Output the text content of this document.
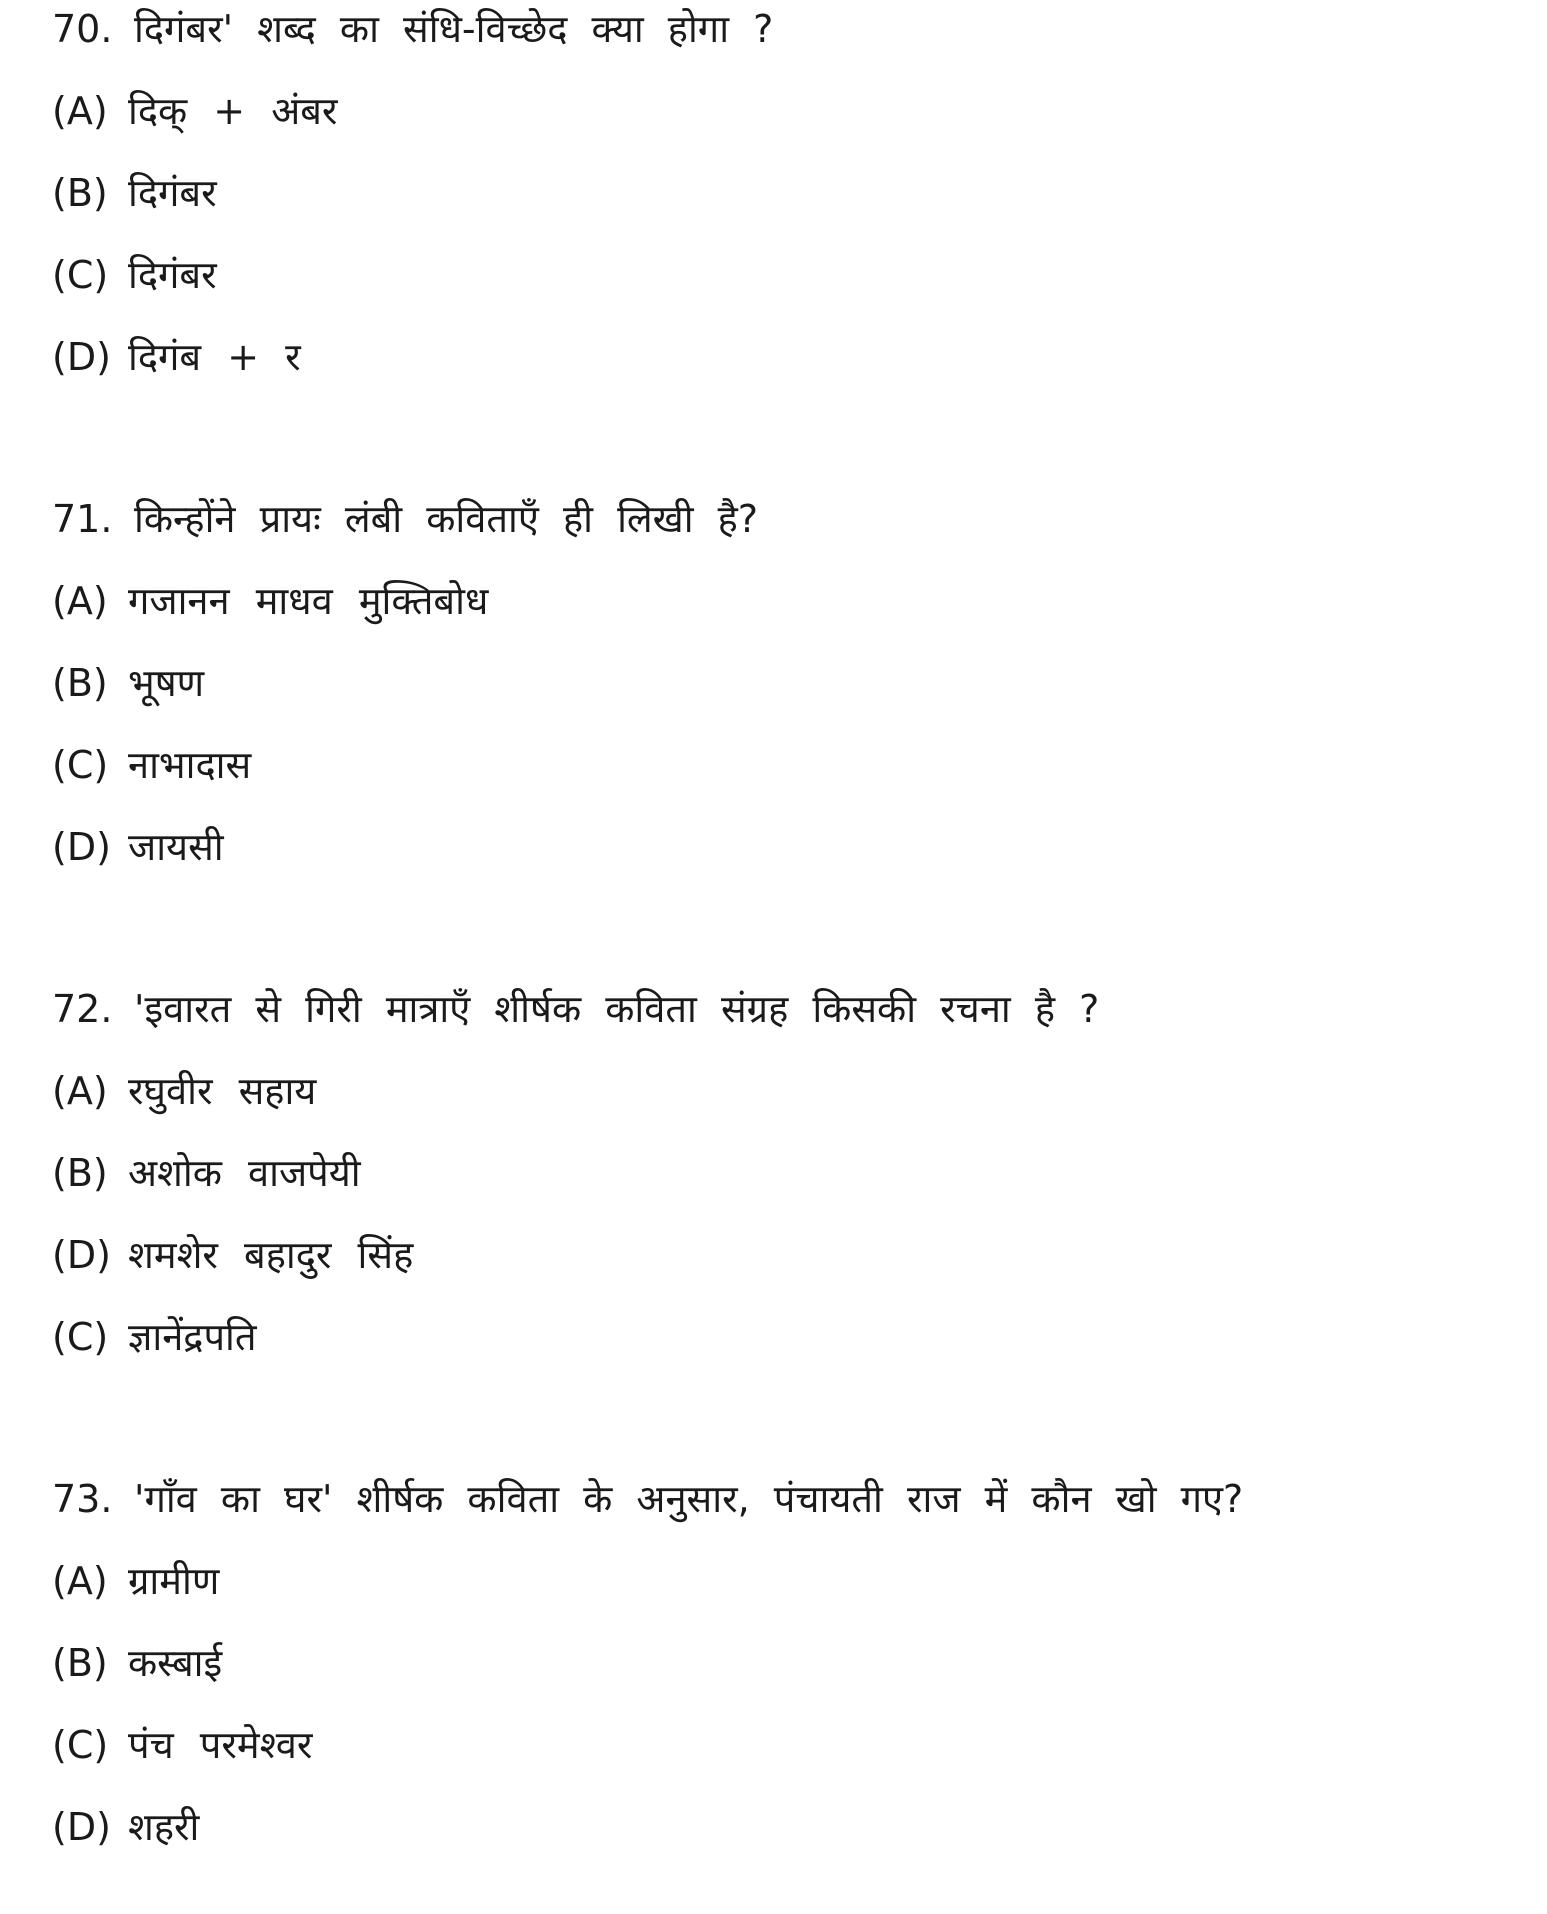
70. दिगंबर' शब्द का संधि-विच्छेद क्या होगा ?
(A) दिक् + अंबर
(B) दिगंबर
(C) दिगंबर
(D) दिगंब + र
71. किन्होंने प्रायः लंबी कविताएँ ही लिखी है?
(A) गजानन माधव मुक्तिबोध
(B) भूषण
(C) नाभादास
(D) जायसी
72. 'इवारत से गिरी मात्राएँ शीर्षक कविता संग्रह किसकी रचना है ?
(A) रघुवीर सहाय
(B) अशोक वाजपेयी
(D) शमशेर बहादुर सिंह
(C) ज्ञानेंद्रपति
73. 'गाँव का घर' शीर्षक कविता के अनुसार, पंचायती राज में कौन खो गए?
(A) ग्रामीण
(B) कस्बाई
(C) पंच परमेश्वर
(D) शहरी
